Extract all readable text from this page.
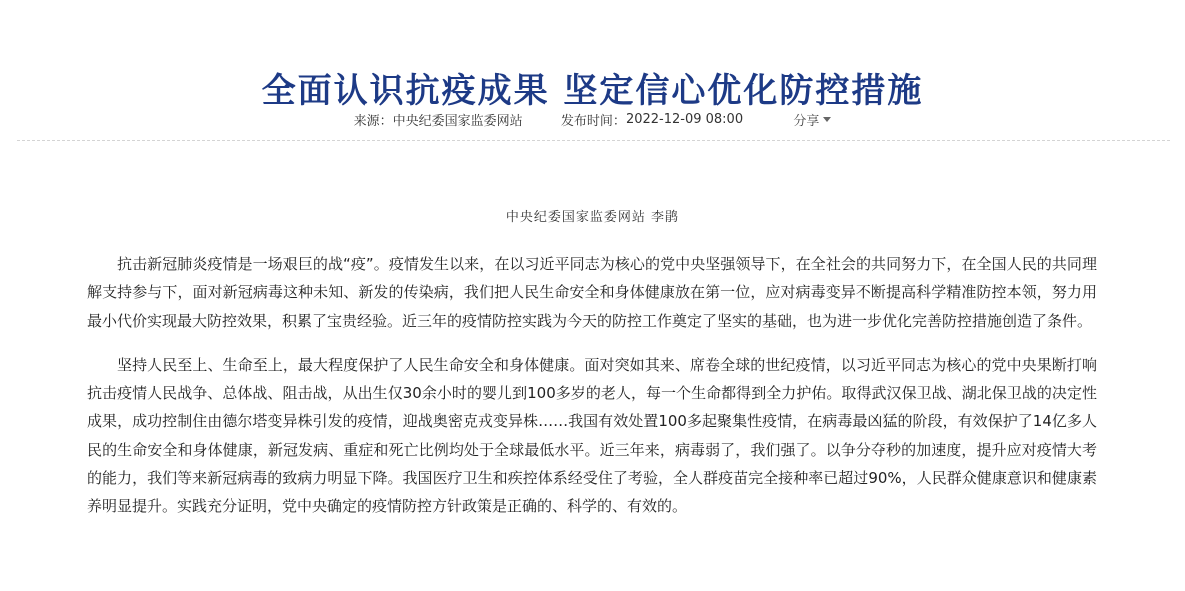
全面认识抗疫成果 坚定信心优化防控措施
来源：中央纪委国家监委网站	发布时间：2022-12-09 08:00	分享
中央纪委国家监委网站 李鹃

抗击新冠肺炎疫情是一场艰巨的战“疫”。疫情发生以来，在以习近平同志为核心的党中央坚强领导下，在全社会的共同努力下，在全国人民的共同理解支持参与下，面对新冠病毒这种未知、新发的传染病，我们把人民生命安全和身体健康放在第一位，应对病毒变异不断提高科学精准防控本领，努力用最小代价实现最大防控效果，积累了宝贵经验。近三年的疫情防控实践为今天的防控工作奠定了坚实的基础，也为进一步优化完善防控措施创造了条件。

坚持人民至上、生命至上，最大程度保护了人民生命安全和身体健康。面对突如其来、席卷全球的世纪疫情，以习近平同志为核心的党中央果断打响抗击疫情人民战争、总体战、阻击战，从出生仅30余小时的婴儿到100多岁的老人，每一个生命都得到全力护佑。取得武汉保卫战、湖北保卫战的决定性成果，成功控制住由德尔塔变异株引发的疫情，迎战奥密克戎变异株……我国有效处置100多起聚集性疫情，在病毒最凶猛的阶段，有效保护了14亿多人民的生命安全和身体健康，新冠发病、重症和死亡比例均处于全球最低水平。近三年来，病毒弱了，我们强了。以争分夺秒的加速度，提升应对疫情大考的能力，我们等来新冠病毒的致病力明显下降。我国医疗卫生和疾控体系经受住了考验，全人群疫苗完全接种率已超过90%，人民群众健康意识和健康素养明显提升。实践充分证明，党中央确定的疫情防控方针政策是正确的、科学的、有效的。
